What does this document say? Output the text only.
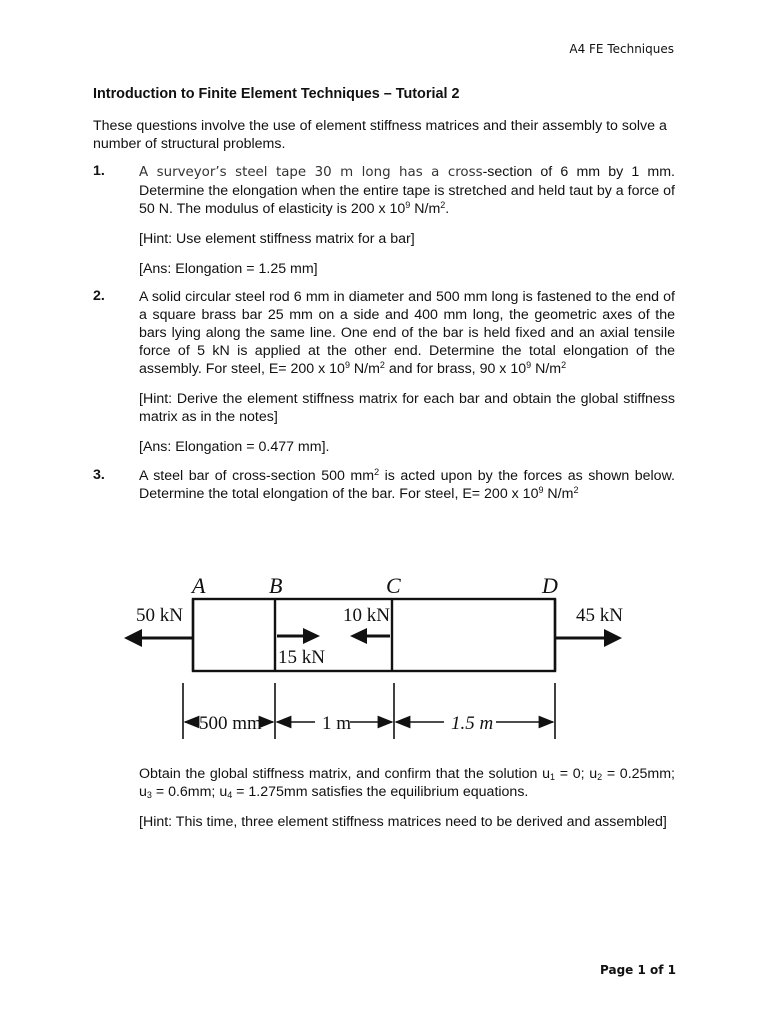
A4 FE Techniques
Introduction to Finite Element Techniques – Tutorial 2
These questions involve the use of element stiffness matrices and their assembly to solve a number of structural problems.
1.	A surveyor’s steel tape 30 m long has a cross-section of 6 mm by 1 mm. Determine the elongation when the entire tape is stretched and held taut by a force of 50 N. The modulus of elasticity is 200 x $10^9$ $N/m^2$.

[Hint: Use element stiffness matrix for a bar]

[Ans: Elongation = 1.25 mm]

2. A solid circular steel rod 6 mm in diameter and 500 mm long is fastened to the end of a square brass bar 25 mm on a side and 400 mm long, the geometric axes of the bars lying along the same line. One end of the bar is held fixed and an axial tensile force of 5 kN is applied at the other end. Determine the total elongation of the assembly. For steel, E= 200 x $10^9$ $N/m^2$ and for brass, 90 x $10^9$ $N/m^2$

[Hint: Derive the element stiffness matrix for each bar and obtain the global stiffness matrix as in the notes]

[Ans: Elongation = 0.477 mm].

3. A steel bar of cross-section 500 $mm^2$ is acted upon by the forces as shown below. Determine the total elongation of the bar. For steel, E= 200 x $10^9$ $N/m^2$

A	B	C	D
50 kN
15 kN
10 kN	45 kN
500 mm	1 m	1.5 m

Obtain the global stiffness matrix, and confirm that the solution $u_1 = 0$; $u_2 = 0.25mm$; $u_3 = 0.6mm$; $u_4 = 1.275mm$ satisfies the equilibrium equations.

[Hint: This time, three element stiffness matrices need to be derived and assembled]

Page 1 of 1
